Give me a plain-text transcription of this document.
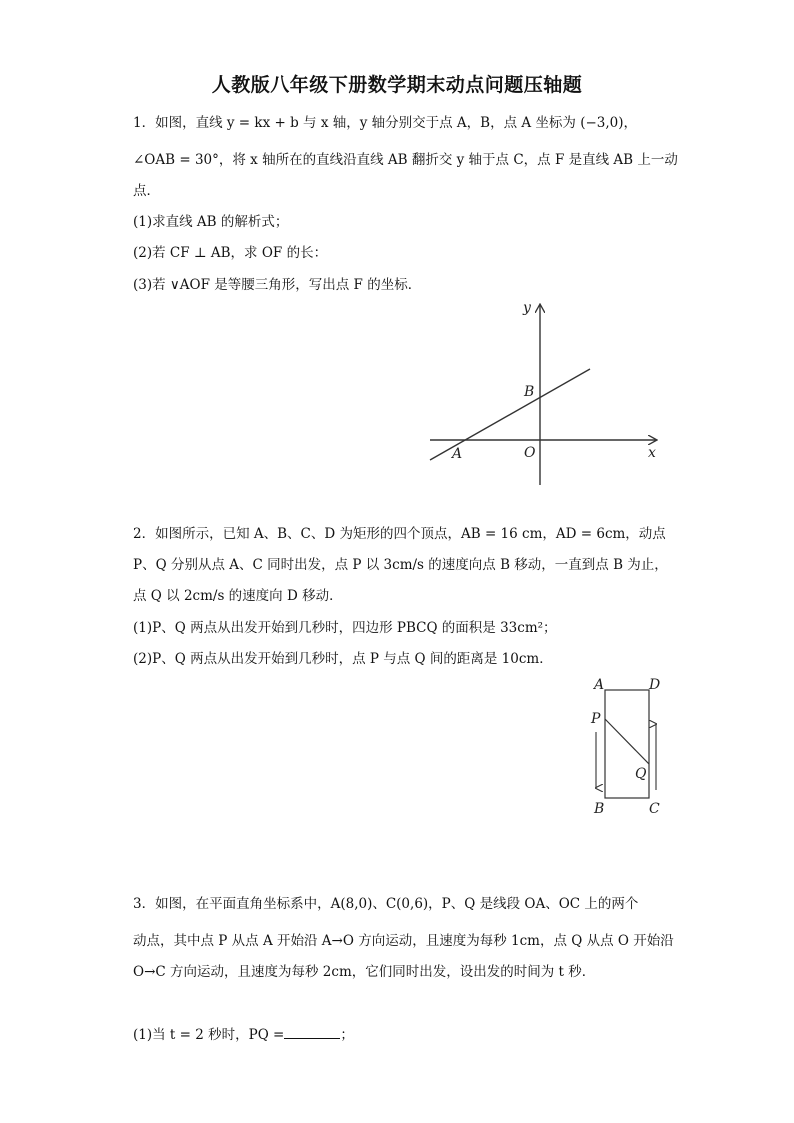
人教版八年级下册数学期末动点问题压轴题
1．如图，直线 y = kx + b 与 x 轴，y 轴分别交于点 A，B，点 A 坐标为 (−3,0)，
∠OAB = 30°，将 x 轴所在的直线沿直线 AB 翻折交 y 轴于点 C，点 F 是直线 AB 上一动
点．
(1)求直线 AB 的解析式；
(2)若 CF ⊥ AB，求 OF 的长：
(3)若 ∨AOF 是等腰三角形，写出点 F 的坐标．
y
x
A
B
O
2．如图所示，已知 A、B、C、D 为矩形的四个顶点，AB = 16 cm，AD = 6cm，动点
P、Q 分别从点 A、C 同时出发，点 P 以 3cm/s 的速度向点 B 移动，一直到点 B 为止，
点 Q 以 2cm/s 的速度向 D 移动．
(1)P、Q 两点从出发开始到几秒时，四边形 PBCQ 的面积是 33cm²；
(2)P、Q 两点从出发开始到几秒时，点 P 与点 Q 间的距离是 10cm．
A	D
P
Q
B	C
3．如图，在平面直角坐标系中，A(8,0)、C(0,6)，P、Q 是线段 OA、OC 上的两个
动点，其中点 P 从点 A 开始沿 A→O 方向运动，且速度为每秒 1cm，点 Q 从点 O 开始沿
O→C 方向运动，且速度为每秒 2cm，它们同时出发，设出发的时间为 t 秒．
(1)当 t = 2 秒时，PQ =	；
